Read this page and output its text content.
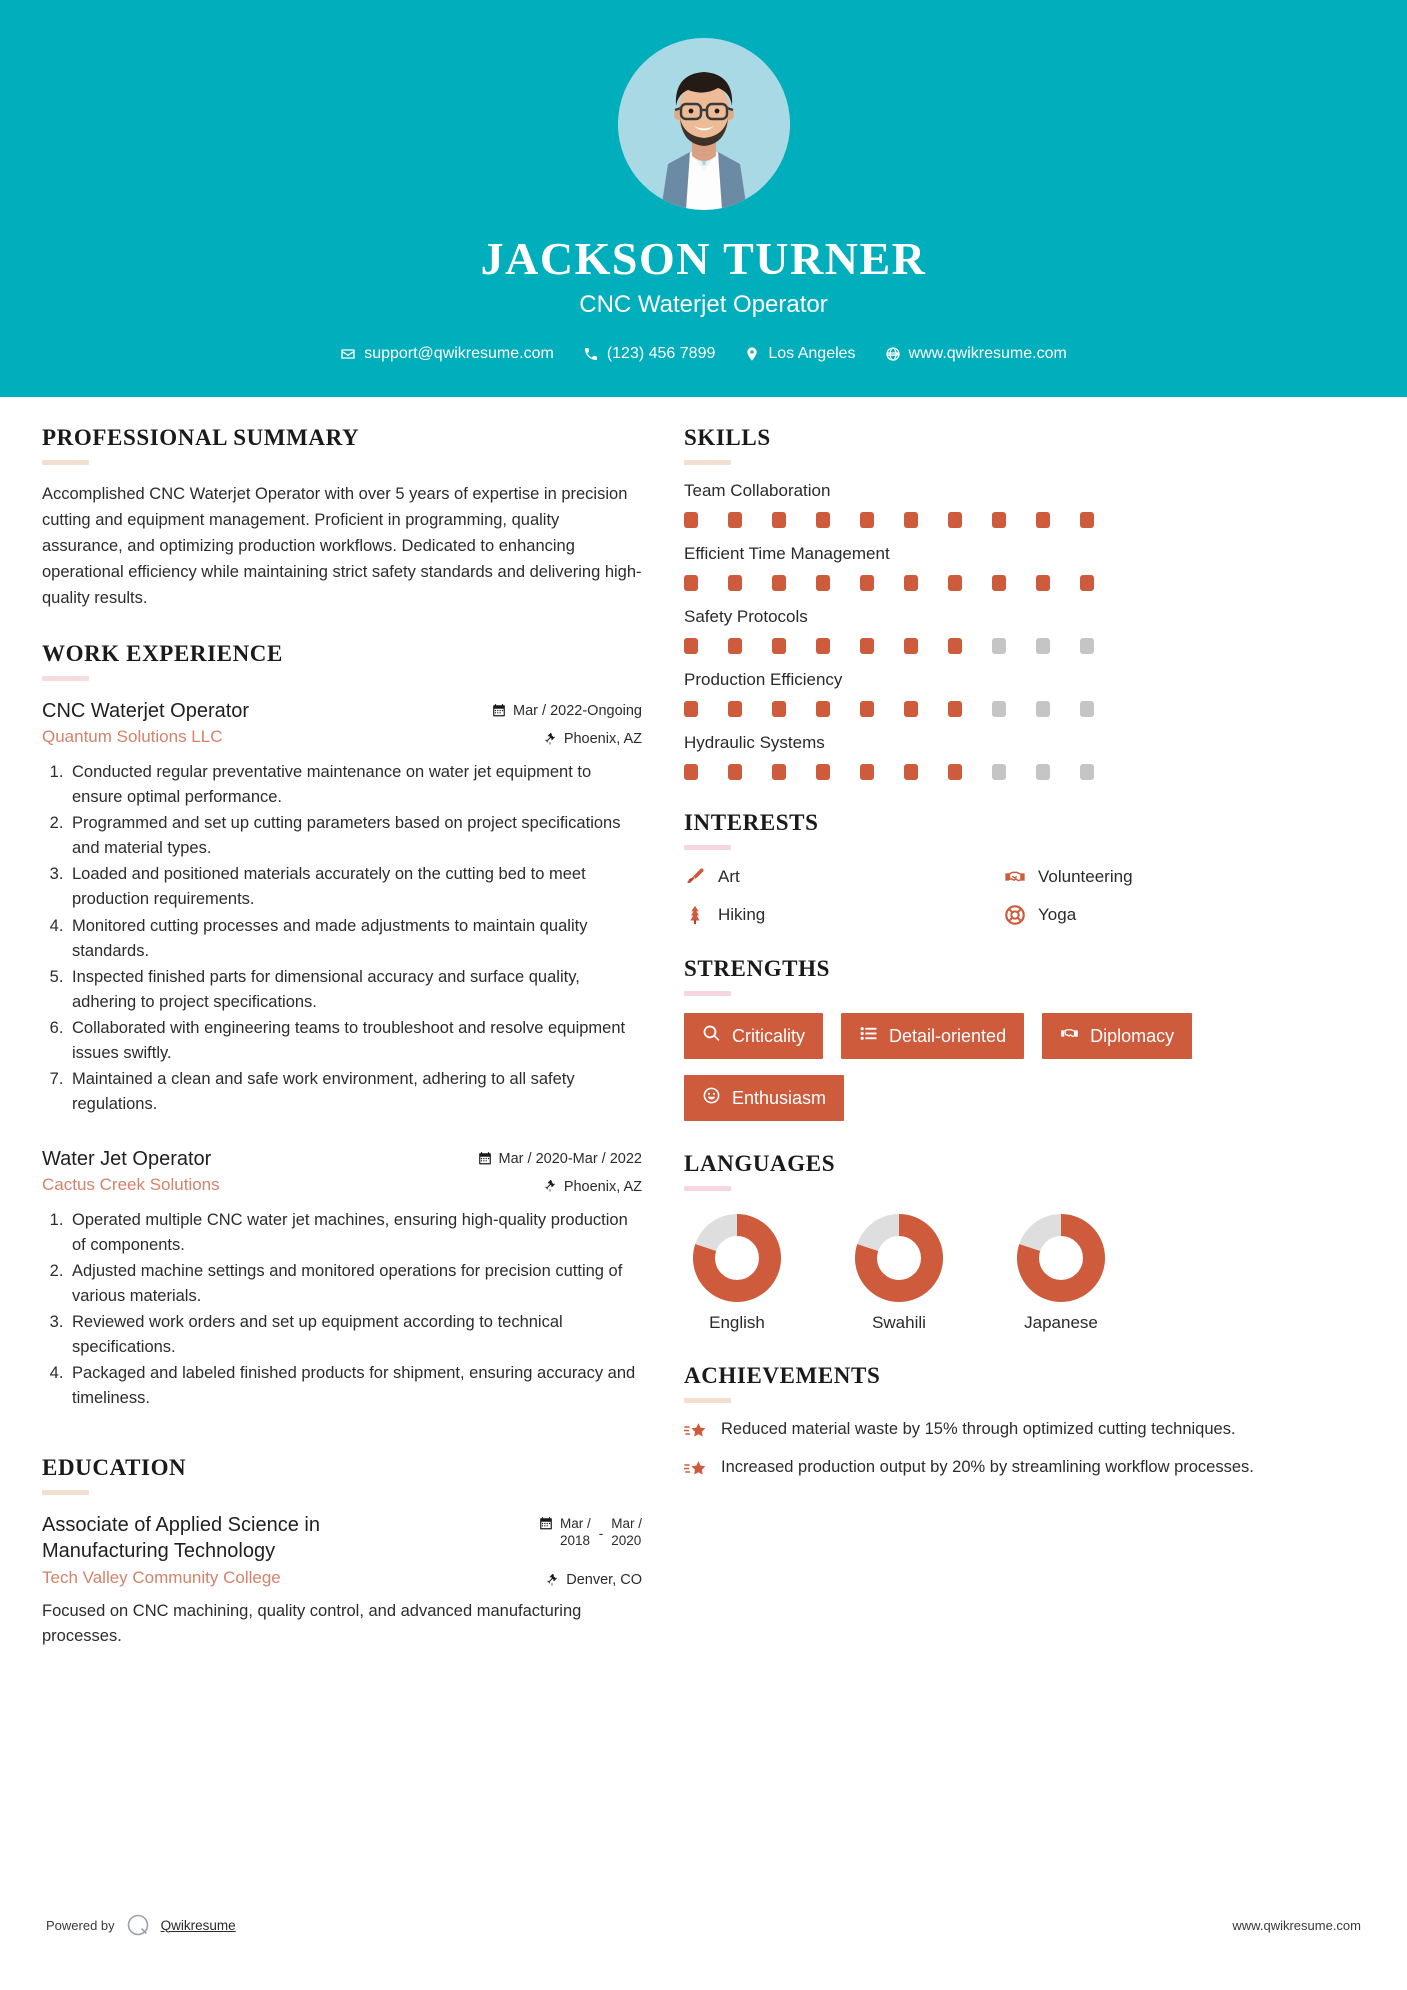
JACKSON TURNER
CNC Waterjet Operator
support@qwikresume.com	(123) 456 7899	Los Angeles	www.qwikresume.com
PROFESSIONAL SUMMARY

Accomplished CNC Waterjet Operator with over 5 years of expertise in precision cutting and equipment management. Proficient in programming, quality assurance, and optimizing production workflows. Dedicated to enhancing operational efficiency while maintaining strict safety standards and delivering high-quality results.

WORK EXPERIENCE
CNC Waterjet Operator	Mar / 2022-Ongoing
Quantum Solutions LLC	Phoenix, AZ
1. Conducted regular preventative maintenance on water jet equipment to ensure optimal performance.
2. Programmed and set up cutting parameters based on project specifications and material types.
3. Loaded and positioned materials accurately on the cutting bed to meet production requirements.
4. Monitored cutting processes and made adjustments to maintain quality standards.
5. Inspected finished parts for dimensional accuracy and surface quality, adhering to project specifications.
6. Collaborated with engineering teams to troubleshoot and resolve equipment issues swiftly.
7. Maintained a clean and safe work environment, adhering to all safety regulations.
Water Jet Operator	Mar / 2020-Mar / 2022
Cactus Creek Solutions	Phoenix, AZ
1. Operated multiple CNC water jet machines, ensuring high-quality production of components.
2. Adjusted machine settings and monitored operations for precision cutting of various materials.
3. Reviewed work orders and set up equipment according to technical specifications.
4. Packaged and labeled finished products for shipment, ensuring accuracy and timeliness.
EDUCATION
Associate of Applied Science in Manufacturing Technology
Mar /
2018 -
Mar /
2020
Tech Valley Community College	Denver, CO

Focused on CNC machining, quality control, and advanced manufacturing processes.

SKILLS
Team Collaboration
Efficient Time Management
Safety Protocols
Production Efficiency
Hydraulic Systems
INTERESTS
Art	Volunteering
Hiking	Yoga
STRENGTHS
Criticality	Detail-oriented	Diplomacy
Enthusiasm
LANGUAGES
English	Swahili	Japanese
ACHIEVEMENTS
Reduced material waste by 15% through optimized cutting techniques.
Increased production output by 20% by streamlining workflow processes.
Powered by	Qwikresume	www.qwikresume.com
